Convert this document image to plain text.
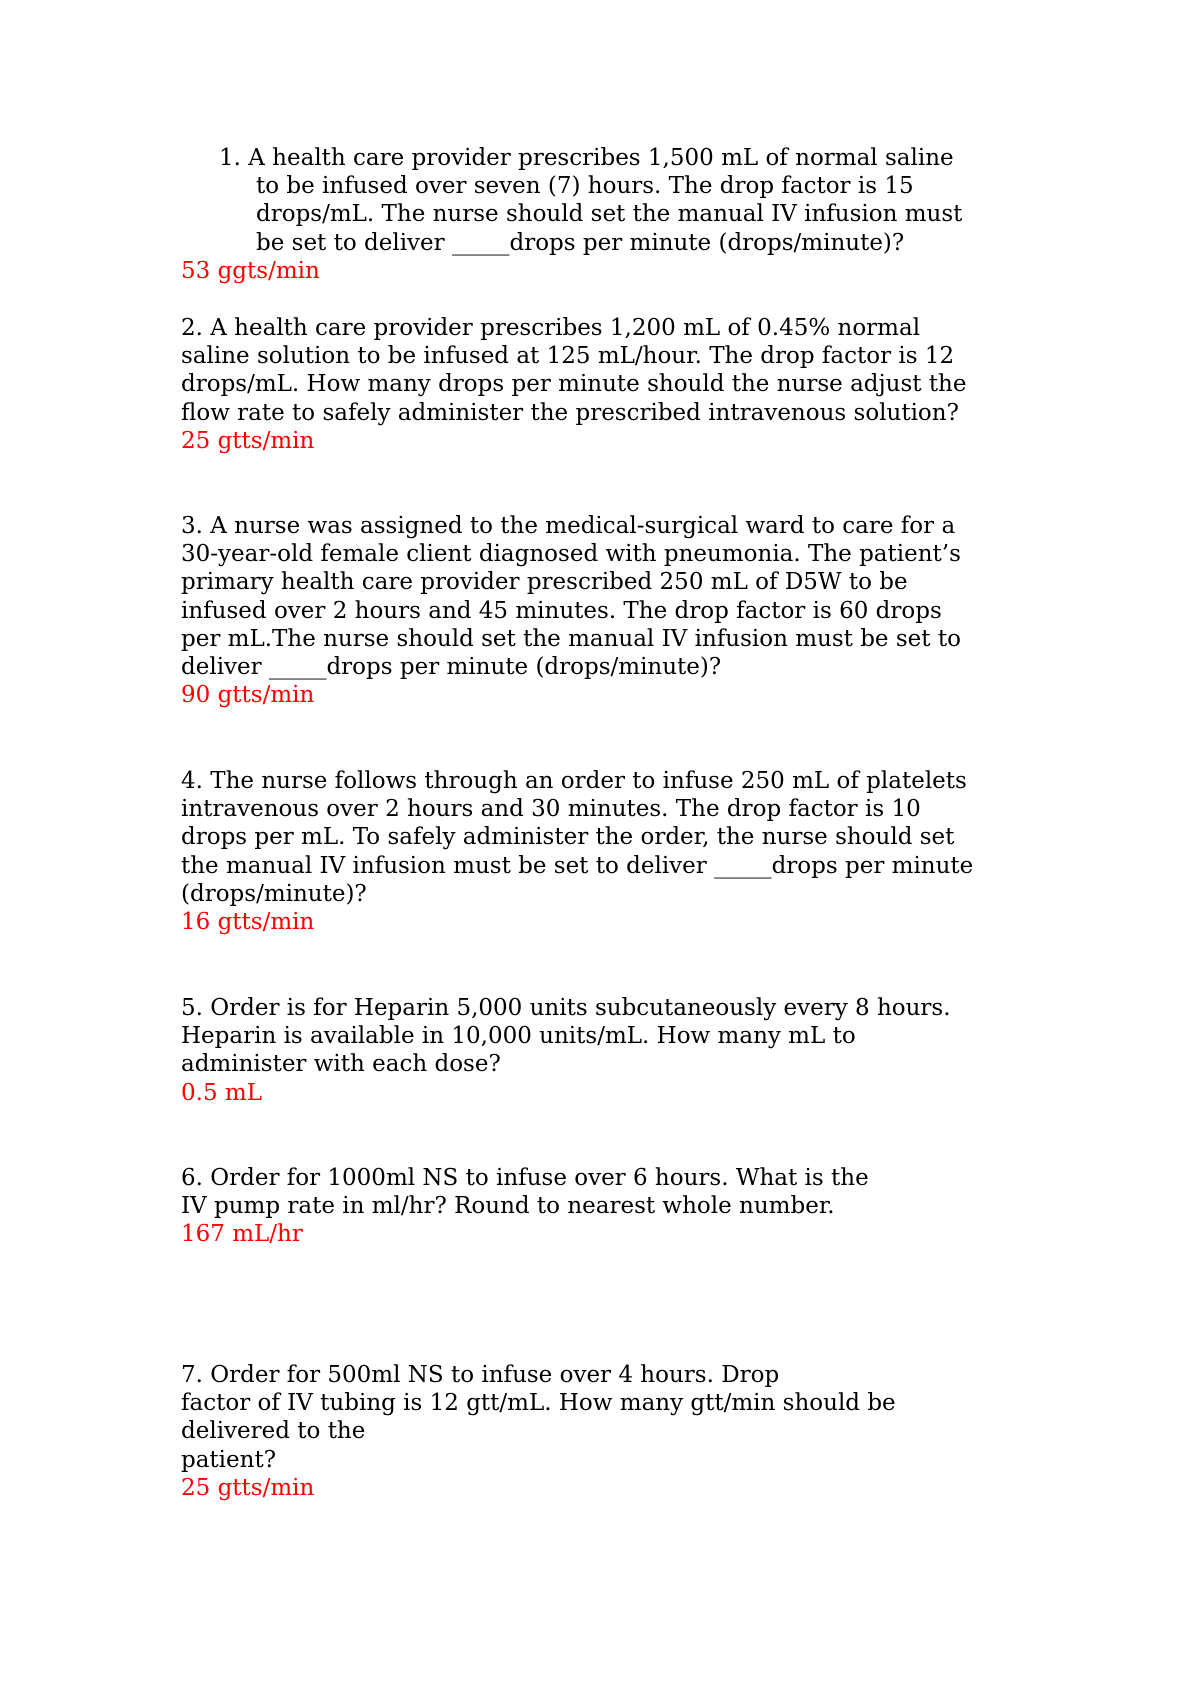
1. A health care provider prescribes 1,500 mL of normal saline
to be infused over seven (7) hours. The drop factor is 15
drops/mL. The nurse should set the manual IV infusion must
be set to deliver _____drops per minute (drops/minute)?
53 ggts/min
2. A health care provider prescribes 1,200 mL of 0.45% normal
saline solution to be infused at 125 mL/hour. The drop factor is 12
drops/mL. How many drops per minute should the nurse adjust the
flow rate to safely administer the prescribed intravenous solution?
25 gtts/min
3. A nurse was assigned to the medical-surgical ward to care for a
30-year-old female client diagnosed with pneumonia. The patient’s
primary health care provider prescribed 250 mL of D5W to be
infused over 2 hours and 45 minutes. The drop factor is 60 drops
per mL.The nurse should set the manual IV infusion must be set to
deliver _____drops per minute (drops/minute)?
90 gtts/min
4. The nurse follows through an order to infuse 250 mL of platelets
intravenous over 2 hours and 30 minutes. The drop factor is 10
drops per mL. To safely administer the order, the nurse should set
the manual IV infusion must be set to deliver _____drops per minute
(drops/minute)?
16 gtts/min
5. Order is for Heparin 5,000 units subcutaneously every 8 hours.
Heparin is available in 10,000 units/mL. How many mL to
administer with each dose?
0.5 mL
6. Order for 1000ml NS to infuse over 6 hours. What is the
IV pump rate in ml/hr? Round to nearest whole number.
167 mL/hr
7. Order for 500ml NS to infuse over 4 hours. Drop
factor of IV tubing is 12 gtt/mL. How many gtt/min should be
delivered to the
patient?
25 gtts/min
